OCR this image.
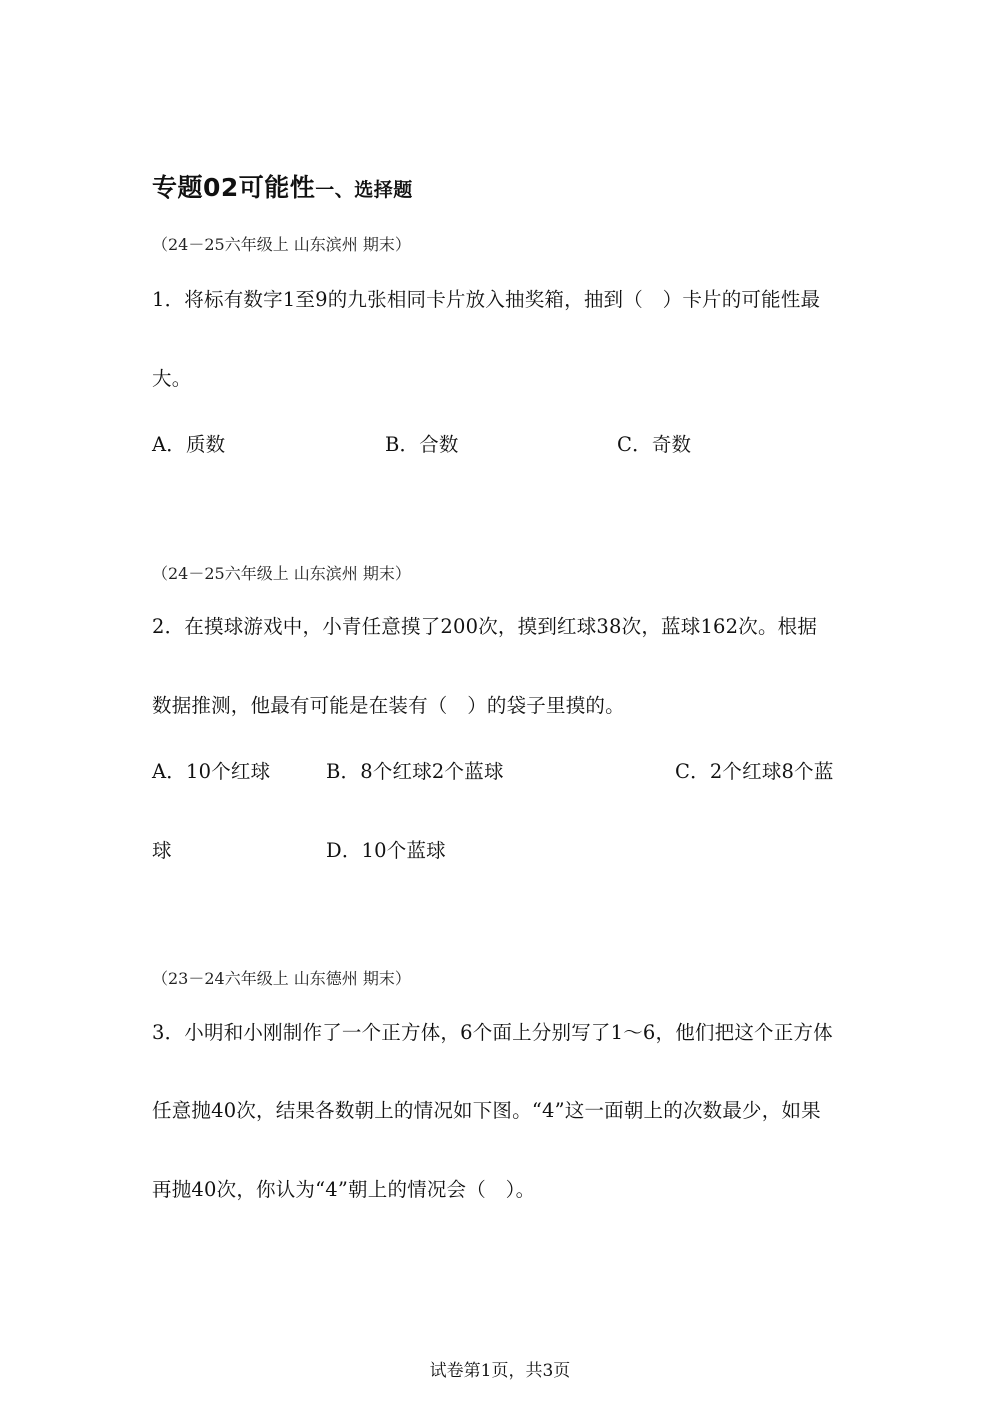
专题02可能性一、选择题
（24－25六年级上 山东滨州 期末）
1．将标有数字1至9的九张相同卡片放入抽奖箱，抽到（　）卡片的可能性最
大。
A．质数	B．合数	C．奇数
（24－25六年级上 山东滨州 期末）
2．在摸球游戏中，小青任意摸了200次，摸到红球38次，蓝球162次。根据
数据推测，他最有可能是在装有（　）的袋子里摸的。
A．10个红球	B．8个红球2个蓝球	C．2个红球8个蓝
球	D．10个蓝球
（23－24六年级上 山东德州 期末）
3．小明和小刚制作了一个正方体，6个面上分别写了1～6，他们把这个正方体
任意抛40次，结果各数朝上的情况如下图。“4”这一面朝上的次数最少，如果
再抛40次，你认为“4”朝上的情况会（　）。
试卷第1页，共3页
